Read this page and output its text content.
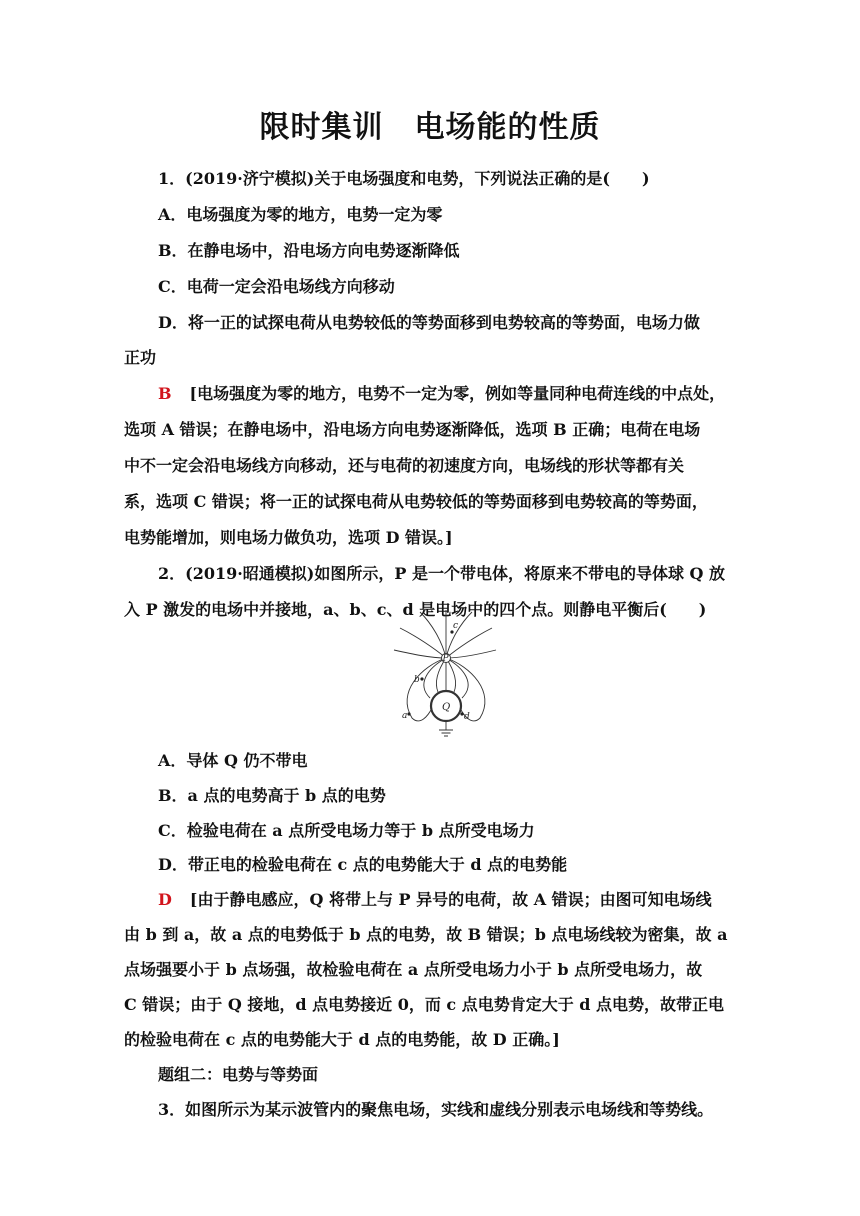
限时集训　电场能的性质
1．(2019·济宁模拟)关于电场强度和电势，下列说法正确的是(　　)
A．电场强度为零的地方，电势一定为零
B．在静电场中，沿电场方向电势逐渐降低
C．电荷一定会沿电场线方向移动
D．将一正的试探电荷从电势较低的等势面移到电势较高的等势面，电场力做
正功
B [电场强度为零的地方，电势不一定为零，例如等量同种电荷连线的中点处，
选项 A 错误；在静电场中，沿电场方向电势逐渐降低，选项 B 正确；电荷在电场
中不一定会沿电场线方向移动，还与电荷的初速度方向，电场线的形状等都有关
系，选项 C 错误；将一正的试探电荷从电势较低的等势面移到电势较高的等势面，
电势能增加，则电场力做负功，选项 D 错误。]
2．(2019·昭通模拟)如图所示，P 是一个带电体，将原来不带电的导体球 Q 放
入 P 激发的电场中并接地，a、b、c、d 是电场中的四个点。则静电平衡后(　　)
P
Q
a
b
c
d
A．导体 Q 仍不带电
B．a 点的电势高于 b 点的电势
C．检验电荷在 a 点所受电场力等于 b 点所受电场力
D．带正电的检验电荷在 c 点的电势能大于 d 点的电势能
D [由于静电感应，Q 将带上与 P 异号的电荷，故 A 错误；由图可知电场线
由 b 到 a，故 a 点的电势低于 b 点的电势，故 B 错误；b 点电场线较为密集，故 a
点场强要小于 b 点场强，故检验电荷在 a 点所受电场力小于 b 点所受电场力，故
C 错误；由于 Q 接地，d 点电势接近 0，而 c 点电势肯定大于 d 点电势，故带正电
的检验电荷在 c 点的电势能大于 d 点的电势能，故 D 正确。]
题组二：电势与等势面
3．如图所示为某示波管内的聚焦电场，实线和虚线分别表示电场线和等势线。
